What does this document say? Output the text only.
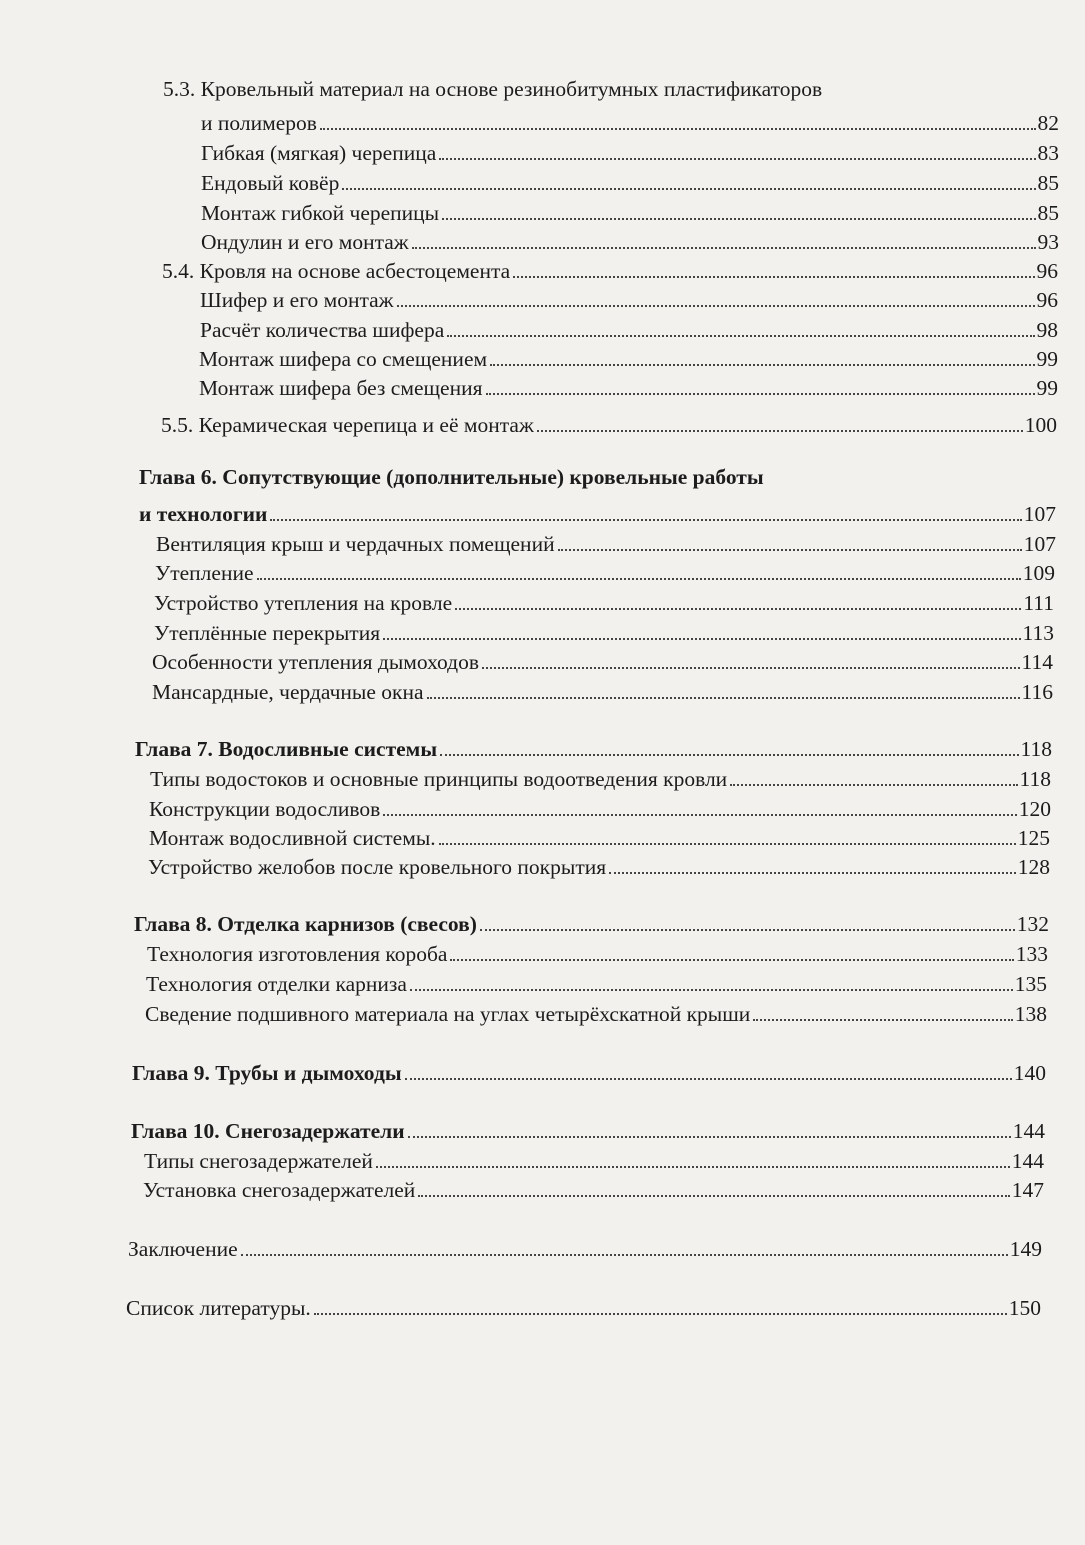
5.3. Кровельный материал на основе резинобитумных пластификаторов
и полимеров	82
Гибкая (мягкая) черепица	83
Ендовый ковёр	85
Монтаж гибкой черепицы	85
Ондулин и его монтаж	93
5.4. Кровля на основе асбестоцемента	96
Шифер и его монтаж	96
Расчёт количества шифера	98
Монтаж шифера со смещением	99
Монтаж шифера без смещения	99
5.5. Керамическая черепица и её монтаж	100
Глава 6. Сопутствующие (дополнительные) кровельные работы
и технологии	107
Вентиляция крыш и чердачных помещений	107
Утепление	109
Устройство утепления на кровле	111
Утеплённые перекрытия	113
Особенности утепления дымоходов	114
Мансардные, чердачные окна	116
Глава 7. Водосливные системы	118
Типы водостоков и основные принципы водоотведения кровли	118
Конструкции водосливов	120
Монтаж водосливной системы.	125
Устройство желобов после кровельного покрытия	128
Глава 8. Отделка карнизов (свесов)	132
Технология изготовления короба	133
Технология отделки карниза	135
Сведение подшивного материала на углах четырёхскатной крыши	138
Глава 9. Трубы и дымоходы	140
Глава 10. Снегозадержатели	144
Типы снегозадержателей	144
Установка снегозадержателей	147
Заключение	149
Список литературы.	150
